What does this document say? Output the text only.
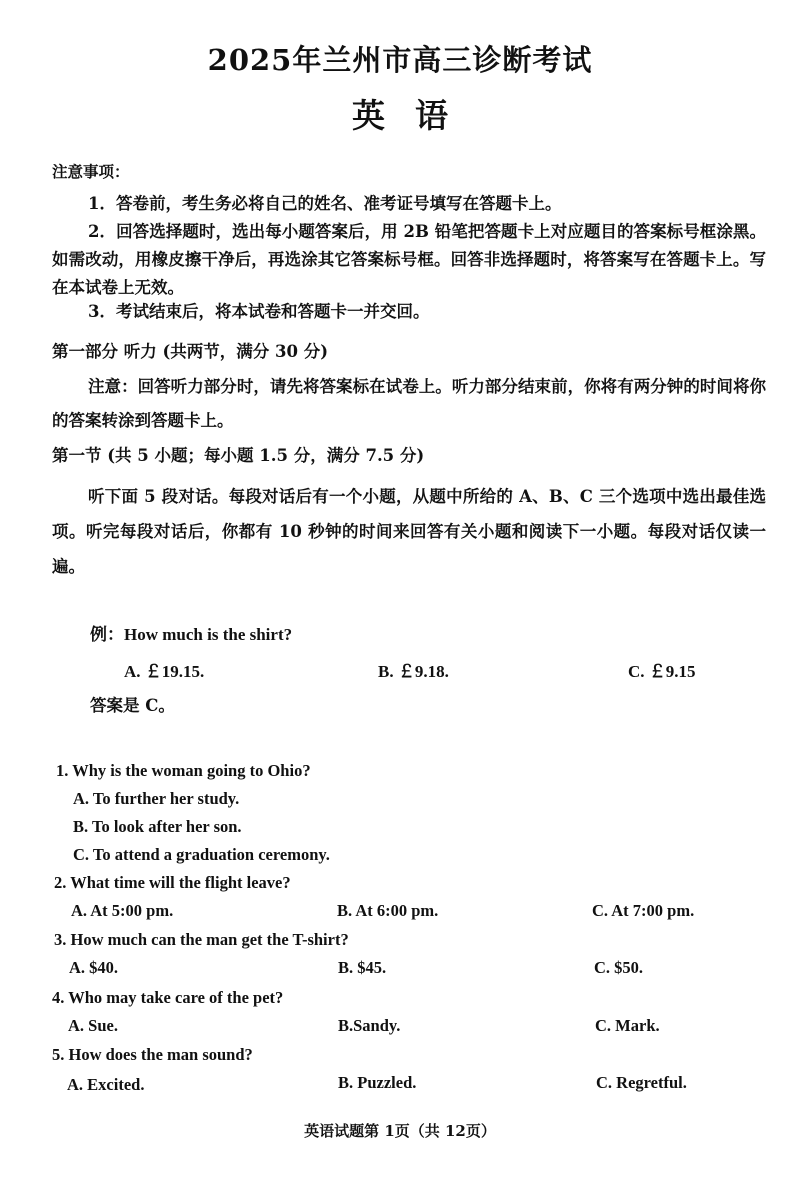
2025年兰州市高三诊断考试
英语
注意事项：
1．答卷前，考生务必将自己的姓名、准考证号填写在答题卡上。
2．回答选择题时，选出每小题答案后，用 2B 铅笔把答题卡上对应题目的答案标号框涂黑。如需改动，用橡皮擦干净后，再选涂其它答案标号框。回答非选择题时，将答案写在答题卡上。写在本试卷上无效。
3．考试结束后，将本试卷和答题卡一并交回。
第一部分 听力 (共两节，满分 30 分)
注意：回答听力部分时，请先将答案标在试卷上。听力部分结束前，你将有两分钟的时间将你的答案转涂到答题卡上。
第一节 (共 5 小题；每小题 1.5 分，满分 7.5 分)
听下面 5 段对话。每段对话后有一个小题，从题中所给的 A、B、C 三个选项中选出最佳选项。听完每段对话后，你都有 10 秒钟的时间来回答有关小题和阅读下一小题。每段对话仅读一遍。
例：How much is the shirt?
A. ￡19.15.	B. ￡9.18.	C. ￡9.15
答案是 C。
1. Why is the woman going to Ohio?
A. To further her study.
B. To look after her son.
C. To attend a graduation ceremony.
2. What time will the flight leave?
A. At 5:00 pm.	B. At 6:00 pm.	C. At 7:00 pm.
3. How much can the man get the T-shirt?
A. $40.	B. $45.	C. $50.
4. Who may take care of the pet?
A. Sue.	B.Sandy.	C. Mark.
5. How does the man sound?
A. Excited.	B. Puzzled.	C. Regretful.
英语试题第 1页（共 12页）
